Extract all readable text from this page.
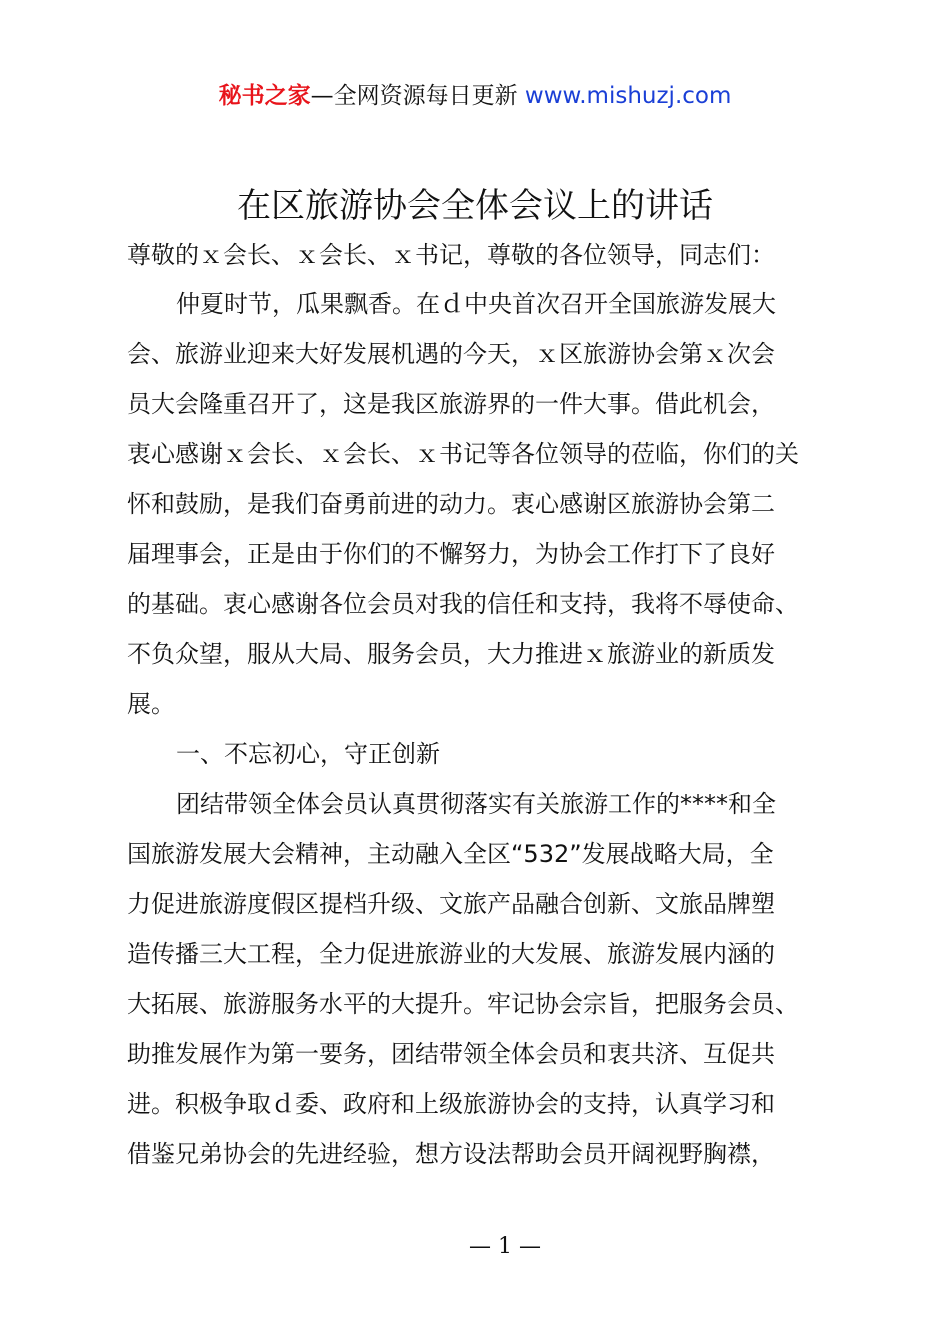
秘书之家—全网资源每日更新 www.mishuzj.com
在区旅游协会全体会议上的讲话
尊敬的ｘ会长、ｘ会长、ｘ书记，尊敬的各位领导，同志们：
仲夏时节，瓜果飘香。在ｄ中央首次召开全国旅游发展大
会、旅游业迎来大好发展机遇的今天，ｘ区旅游协会第ｘ次会
员大会隆重召开了，这是我区旅游界的一件大事。借此机会，
衷心感谢ｘ会长、ｘ会长、ｘ书记等各位领导的莅临，你们的关
怀和鼓励，是我们奋勇前进的动力。衷心感谢区旅游协会第二
届理事会，正是由于你们的不懈努力，为协会工作打下了良好
的基础。衷心感谢各位会员对我的信任和支持，我将不辱使命、
不负众望，服从大局、服务会员，大力推进ｘ旅游业的新质发
展。
一、不忘初心，守正创新
团结带领全体会员认真贯彻落实有关旅游工作的****和全
国旅游发展大会精神，主动融入全区“532”发展战略大局，全
力促进旅游度假区提档升级、文旅产品融合创新、文旅品牌塑
造传播三大工程，全力促进旅游业的大发展、旅游发展内涵的
大拓展、旅游服务水平的大提升。牢记协会宗旨，把服务会员、
助推发展作为第一要务，团结带领全体会员和衷共济、互促共
进。积极争取ｄ委、政府和上级旅游协会的支持，认真学习和
借鉴兄弟协会的先进经验，想方设法帮助会员开阔视野胸襟，
— 1 —
